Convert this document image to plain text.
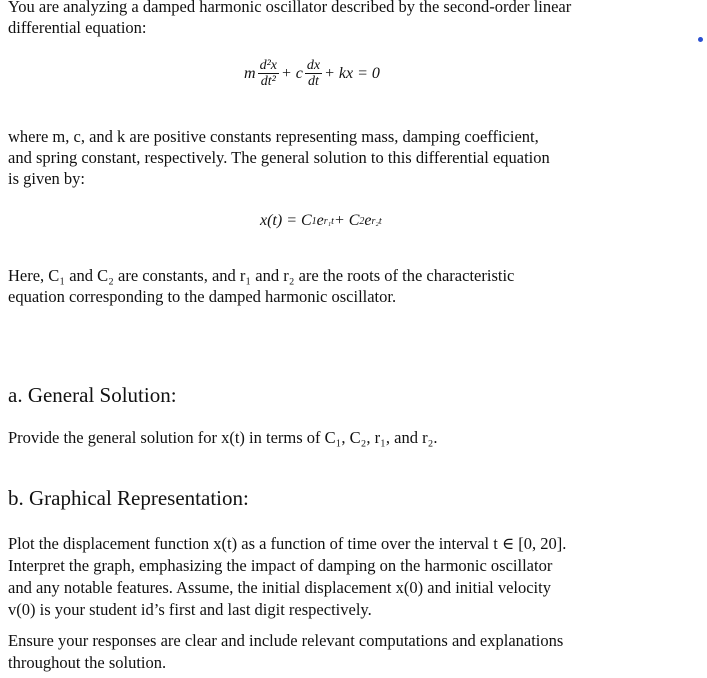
You are analyzing a damped harmonic oscillator described by the second-order linear
differential equation:
m $\frac{\text{d²x}}{\text{dt²}} + c \frac{dx}{dt}$ + kx = 0
where m, c, and k are positive constants representing mass, damping coefficient,
and spring constant, respectively. The general solution to this differential equation
is given by:
x(t) = C 1 e r₁t + C 2 e r₂t
Here, C₁ and C₂ are constants, and r₁ and r₂ are the roots of the characteristic
equation corresponding to the damped harmonic oscillator.
a. General Solution:
Provide the general solution for x(t) in terms of C₁, C₂, r₁, and r₂.
b. Graphical Representation:
Plot the displacement function x(t) as a function of time over the interval t ∈ [0, 20].
Interpret the graph, emphasizing the impact of damping on the harmonic oscillator
and any notable features. Assume, the initial displacement x(0) and initial velocity
v(0) is your student id’s first and last digit respectively.
Ensure your responses are clear and include relevant computations and explanations
throughout the solution.
